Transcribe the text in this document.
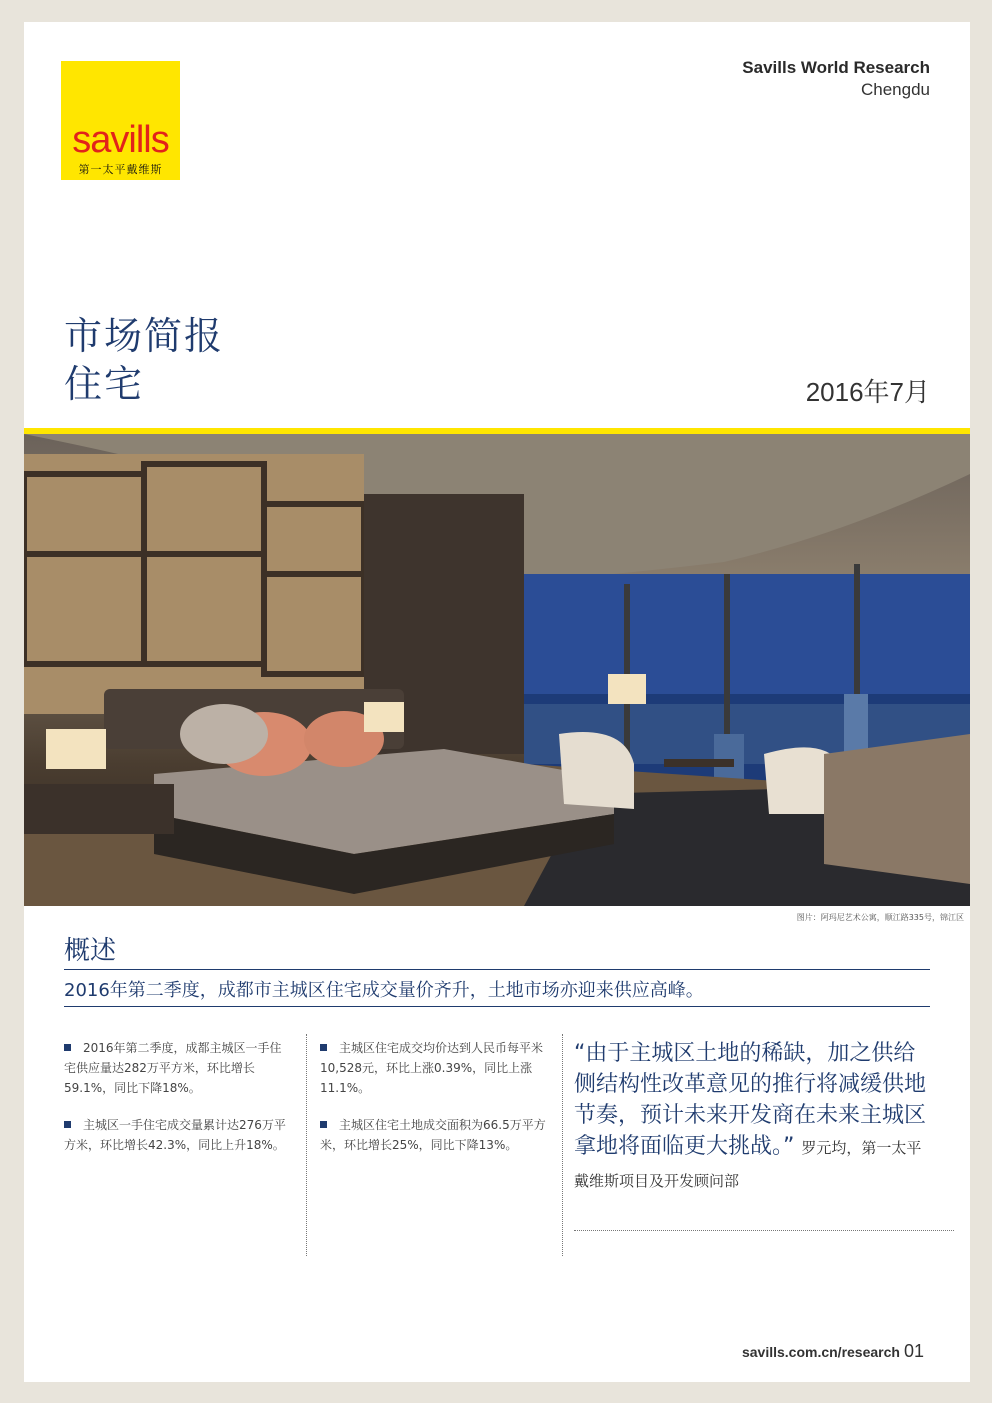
savills
第一太平戴维斯
Savills World Research
Chengdu
市场简报
住宅	2016年7月
图片：阿玛尼艺术公寓，顺江路335号，锦江区
概述
2016年第二季度，成都市主城区住宅成交量价齐升，土地市场亦迎来供应高峰。

2016年第二季度，成都主城区一手住宅供应量达282万平方米，环比增长59.1%，同比下降18%。

主城区一手住宅成交量累计达276万平方米，环比增长42.3%，同比上升18%。

主城区住宅成交均价达到人民币每平米10,528元，环比上涨0.39%，同比上涨11.1%。

主城区住宅土地成交面积为66.5万平方米，环比增长25%，同比下降13%。

“由于主城区土地的稀缺，加之供给侧结构性改革意见的推行将减缓供地节奏，预计未来开发商在未来主城区拿地将面临更大挑战。” 罗元均，第一太平戴维斯项目及开发顾问部
savills.com.cn/research 01
